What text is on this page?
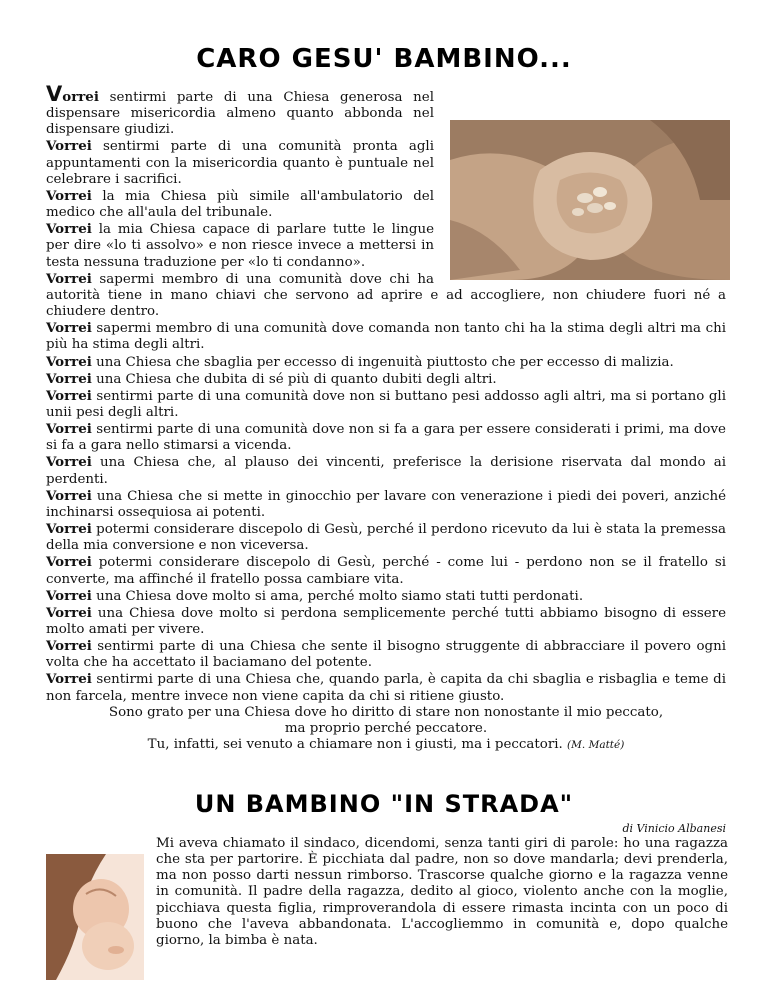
CARO GESU' BAMBINO...

Vorrei sentirmi parte di una Chiesa generosa nel dispensare misericordia almeno quanto abbonda nel dispensare giudizi.

Vorrei sentirmi parte di una comunità pronta agli appuntamenti con la misericordia quanto è puntuale nel celebrare i sacrifici.

Vorrei la mia Chiesa più simile all'ambulatorio del medico che all'aula del tribunale.

Vorrei la mia Chiesa capace di parlare tutte le lingue per dire «lo ti assolvo» e non riesce invece a mettersi in testa nessuna traduzione per «lo ti condanno».

Vorrei sapermi membro di una comunità dove chi ha autorità tiene in mano chiavi che servono ad aprire e ad accogliere, non chiudere fuori né a chiudere dentro.

Vorrei sapermi membro di una comunità dove comanda non tanto chi ha la stima degli altri ma chi più ha stima degli altri.

Vorrei una Chiesa che sbaglia per eccesso di ingenuità piuttosto che per eccesso di malizia.

Vorrei una Chiesa che dubita di sé più di quanto dubiti degli altri.

Vorrei sentirmi parte di una comunità dove non si buttano pesi addosso agli altri, ma si portano gli unii pesi degli altri.

Vorrei sentirmi parte di una comunità dove non si fa a gara per essere considerati i primi, ma dove si fa a gara nello stimarsi a vicenda.

Vorrei una Chiesa che, al plauso dei vincenti, preferisce la derisione riservata dal mondo ai perdenti.

Vorrei una Chiesa che si mette in ginocchio per lavare con venerazione i piedi dei poveri, anziché inchinarsi ossequiosa ai potenti.

Vorrei potermi considerare discepolo di Gesù, perché il perdono ricevuto da lui è stata la premessa della mia conversione e non viceversa.

Vorrei potermi considerare discepolo di Gesù, perché - come lui - perdono non se il fratello si converte, ma affinché il fratello possa cambiare vita.

Vorrei una Chiesa dove molto si ama, perché molto siamo stati tutti perdonati.

Vorrei una Chiesa dove molto si perdona semplicemente perché tutti abbiamo bisogno di essere molto amati per vivere.

Vorrei sentirmi parte di una Chiesa che sente il bisogno struggente di abbracciare il povero ogni volta che ha accettato il baciamano del potente.

Vorrei sentirmi parte di una Chiesa che, quando parla, è capita da chi sbaglia e risbaglia e teme di non farcela, mentre invece non viene capita da chi si ritiene giusto.

Sono grato per una Chiesa dove ho diritto di stare non nonostante il mio peccato,

ma proprio perché peccatore.

Tu, infatti, sei venuto a chiamare non i giusti, ma i peccatori. (M. Matté)

UN BAMBINO "IN STRADA"
di Vinicio Albanesi

Mi aveva chiamato il sindaco, dicendomi, senza tanti giri di parole: ho una ragazza che sta per partorire. È picchiata dal padre, non so dove mandarla; devi prenderla, ma non posso darti nessun rimborso. Trascorse qualche giorno e la ragazza venne in comunità. Il padre della ragazza, dedito al gioco, violento anche con la moglie, picchiava questa figlia, rimproverandola di essere rimasta incinta con un poco di buono che l'aveva abbandonata. L'accogliemmo in comunità e, dopo qualche giorno, la bimba è nata.
